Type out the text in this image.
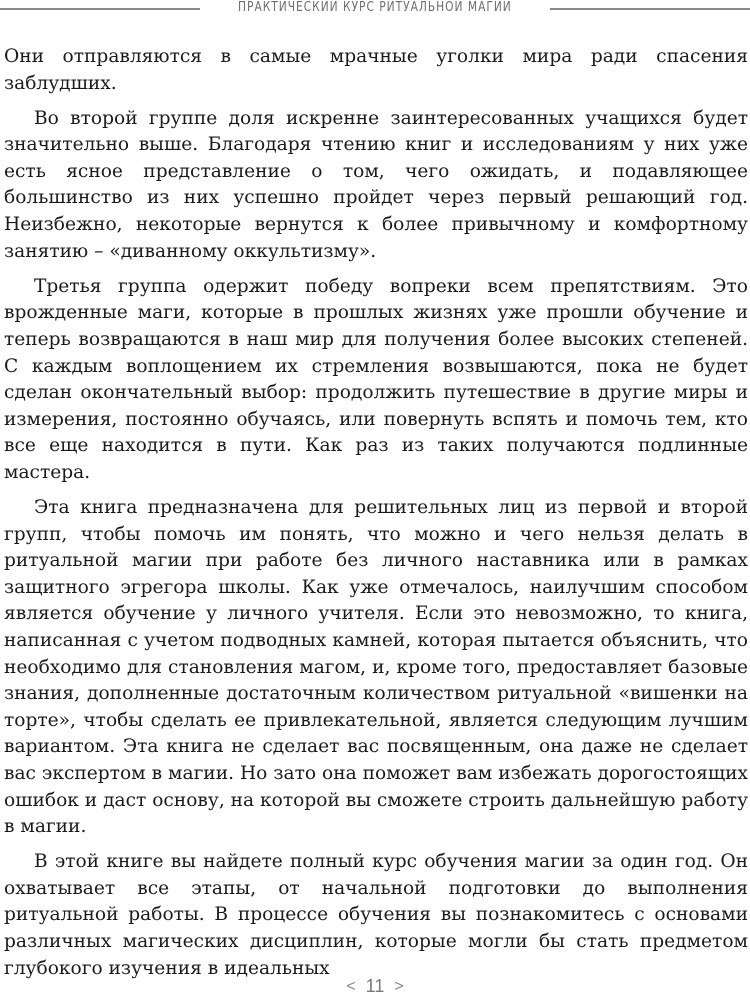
ПРАКТИЧЕСКИЙ КУРС РИТУАЛЬНОЙ МАГИИ

Они отправляются в самые мрачные уголки мира ради спасения заблудших.

Во второй группе доля искренне заинтересованных учащихся будет значительно выше. Благодаря чтению книг и исследованиям у них уже есть ясное представление о том, чего ожидать, и подавляющее большинство из них успешно пройдет через первый решающий год. Неизбежно, некоторые вернутся к более привычному и комфортному занятию – «диванному оккультизму».

Третья группа одержит победу вопреки всем препятствиям. Это врожденные маги, которые в прошлых жизнях уже прошли обучение и теперь возвращаются в наш мир для получения более высоких степеней. С каждым воплощением их стремления возвышаются, пока не будет сделан окончательный выбор: продолжить путешествие в другие миры и измерения, постоянно обучаясь, или повернуть вспять и помочь тем, кто все еще находится в пути. Как раз из таких получаются подлинные мастера.

Эта книга предназначена для решительных лиц из первой и второй групп, чтобы помочь им понять, что можно и чего нельзя делать в ритуальной магии при работе без личного наставника или в рамках защитного эгрегора школы. Как уже отмечалось, наилучшим способом является обучение у личного учителя. Если это невозможно, то книга, написанная с учетом подводных камней, которая пытается объяснить, что необходимо для становления магом, и, кроме того, предоставляет базовые знания, дополненные достаточным количеством ритуальной «вишенки на торте», чтобы сделать ее привлекательной, является следующим лучшим вариантом. Эта книга не сделает вас посвященным, она даже не сделает вас экспертом в магии. Но зато она поможет вам избежать дорогостоящих ошибок и даст основу, на которой вы сможете строить дальнейшую работу в магии.

В этой книге вы найдете полный курс обучения магии за один год. Он охватывает все этапы, от начальной подготовки до выполнения ритуальной работы. В процессе обучения вы познакомитесь с основами различных магических дисциплин, которые могли бы стать предметом глубокого изучения в идеальных

< 11 >
